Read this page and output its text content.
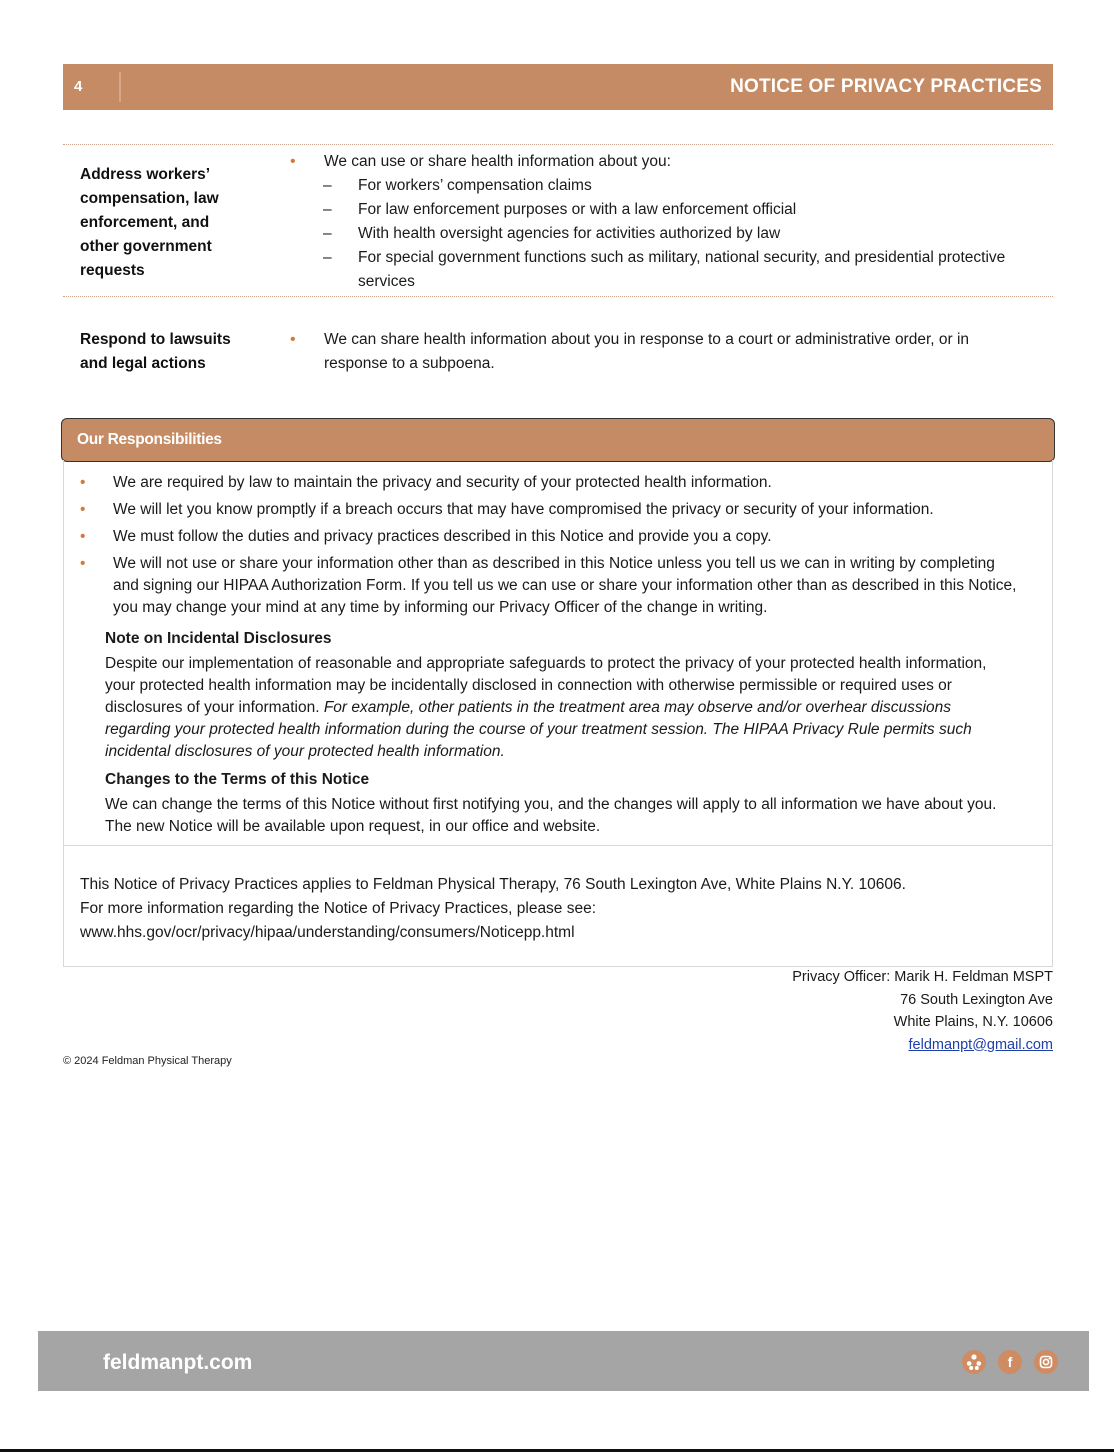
4	NOTICE OF PRIVACY PRACTICES
Address workers’
compensation, law
enforcement, and
other government
requests
• We can use or share health information about you:
– For workers’ compensation claims
– For law enforcement purposes or with a law enforcement official
– With health oversight agencies for activities authorized by law
– For special government functions such as military, national security, and presidential protective services
Respond to lawsuits
and legal actions
• We can share health information about you in response to a court or administrative order, or in response to a subpoena.
Our Responsibilities
• We are required by law to maintain the privacy and security of your protected health information.
• We will let you know promptly if a breach occurs that may have compromised the privacy or security of your information.
• We must follow the duties and privacy practices described in this Notice and provide you a copy.
• We will not use or share your information other than as described in this Notice unless you tell us we can in writing by completing and signing our HIPAA Authorization Form. If you tell us we can use or share your information other than as described in this Notice, you may change your mind at any time by informing our Privacy Officer of the change in writing.
Note on Incidental Disclosures
Despite our implementation of reasonable and appropriate safeguards to protect the privacy of your protected health information, your protected health information may be incidentally disclosed in connection with otherwise permissible or required uses or disclosures of your information. For example, other patients in the treatment area may observe and/or overhear discussions regarding your protected health information during the course of your treatment session. The HIPAA Privacy Rule permits such incidental disclosures of your protected health information.
Changes to the Terms of this Notice
We can change the terms of this Notice without first notifying you, and the changes will apply to all information we have about you. The new Notice will be available upon request, in our office and website.
This Notice of Privacy Practices applies to Feldman Physical Therapy, 76 South Lexington Ave, White Plains N.Y. 10606.
For more information regarding the Notice of Privacy Practices, please see:
www.hhs.gov/ocr/privacy/hipaa/understanding/consumers/Noticepp.html
Privacy Officer: Marik H. Feldman MSPT
76 South Lexington Ave
White Plains, N.Y. 10606
feldmanpt@gmail.com
© 2024 Feldman Physical Therapy
feldmanpt.com	f
